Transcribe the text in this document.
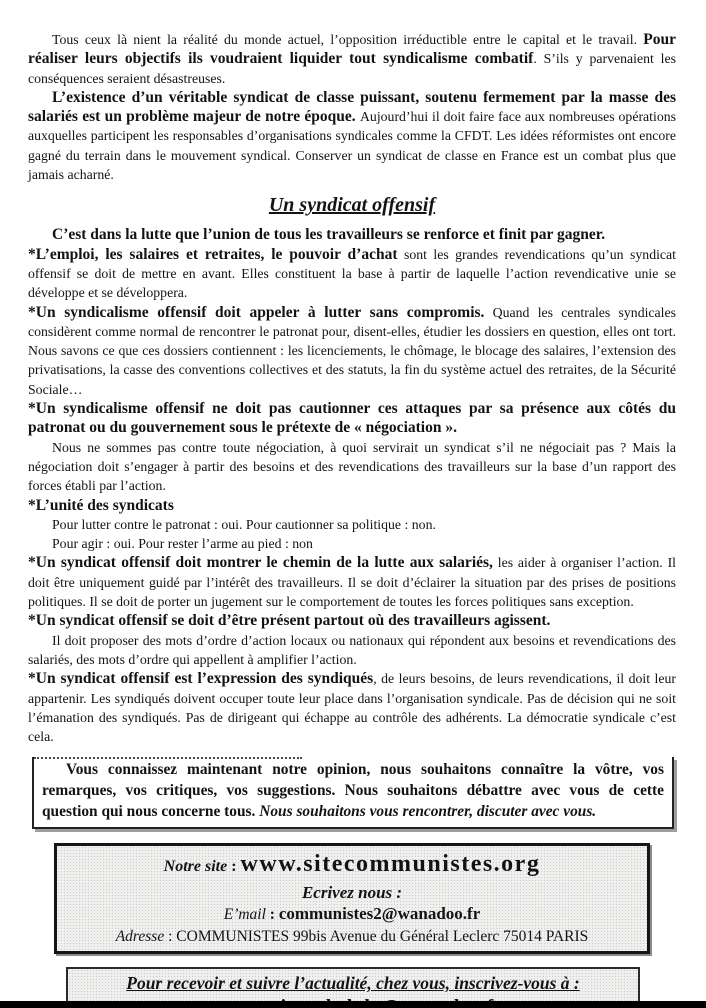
Tous ceux là nient la réalité du monde actuel, l’opposition irréductible entre le capital et le travail. Pour réaliser leurs objectifs ils voudraient liquider tout syndicalisme combatif. S’ils y parvenaient les conséquences seraient désastreuses.

L’existence d’un véritable syndicat de classe puissant, soutenu fermement par la masse des salariés est un problème majeur de notre époque. Aujourd’hui il doit faire face aux nombreuses opérations auxquelles participent les responsables d’organisations syndicales comme la CFDT. Les idées réformistes ont encore gagné du terrain dans le mouvement syndical. Conserver un syndicat de classe en France est un combat plus que jamais acharné.

Un syndicat offensif

C’est dans la lutte que l’union de tous les travailleurs se renforce et finit par gagner.

*L’emploi, les salaires et retraites, le pouvoir d’achat sont les grandes revendications qu’un syndicat offensif se doit de mettre en avant. Elles constituent la base à partir de laquelle l’action revendicative unie se développe et se développera.

*Un syndicalisme offensif doit appeler à lutter sans compromis. Quand les centrales syndicales considèrent comme normal de rencontrer le patronat pour, disent-elles, étudier les dossiers en question, elles ont tort. Nous savons ce que ces dossiers contiennent : les licenciements, le chômage, le blocage des salaires, l’extension des privatisations, la casse des conventions collectives et des statuts, la fin du système actuel des retraites, de la Sécurité Sociale…

*Un syndicalisme offensif ne doit pas cautionner ces attaques par sa présence aux côtés du patronat ou du gouvernement sous le prétexte de « négociation ».

Nous ne sommes pas contre toute négociation, à quoi servirait un syndicat s’il ne négociait pas ? Mais la négociation doit s’engager à partir des besoins et des revendications des travailleurs sur la base d’un rapport des forces établi par l’action.

*L’unité des syndicats

Pour lutter contre le patronat : oui. Pour cautionner sa politique : non.

Pour agir : oui. Pour rester l’arme au pied : non

*Un syndicat offensif doit montrer le chemin de la lutte aux salariés, les aider à organiser l’action. Il doit être uniquement guidé par l’intérêt des travailleurs. Il se doit d’éclairer la situation par des prises de positions politiques. Il se doit de porter un jugement sur le comportement de toutes les forces politiques sans exception.

*Un syndicat offensif se doit d’être présent partout où des travailleurs agissent.

Il doit proposer des mots d’ordre d’action locaux ou nationaux qui répondent aux besoins et revendications des salariés, des mots d’ordre qui appellent à amplifier l’action.

*Un syndicat offensif est l’expression des syndiqués, de leurs besoins, de leurs revendications, il doit leur appartenir. Les syndiqués doivent occuper toute leur place dans l’organisation syndicale. Pas de décision qui ne soit l’émanation des syndiqués. Pas de dirigeant qui échappe au contrôle des adhérents. La démocratie syndicale c’est cela.

Vous connaissez maintenant notre opinion, nous souhaitons connaître la vôtre, vos remarques, vos critiques, vos suggestions. Nous souhaitons débattre avec vous de cette question qui nous concerne tous. Nous souhaitons vous rencontrer, discuter avec vous.

Notre site : www.sitecommunistes.org
Ecrivez nous :
E’mail : communistes2@wanadoo.fr
Adresse : COMMUNISTES 99bis Avenue du Général Leclerc 75014 PARIS
Pour recevoir et suivre l’actualité, chez vous, inscrivez-vous à :
